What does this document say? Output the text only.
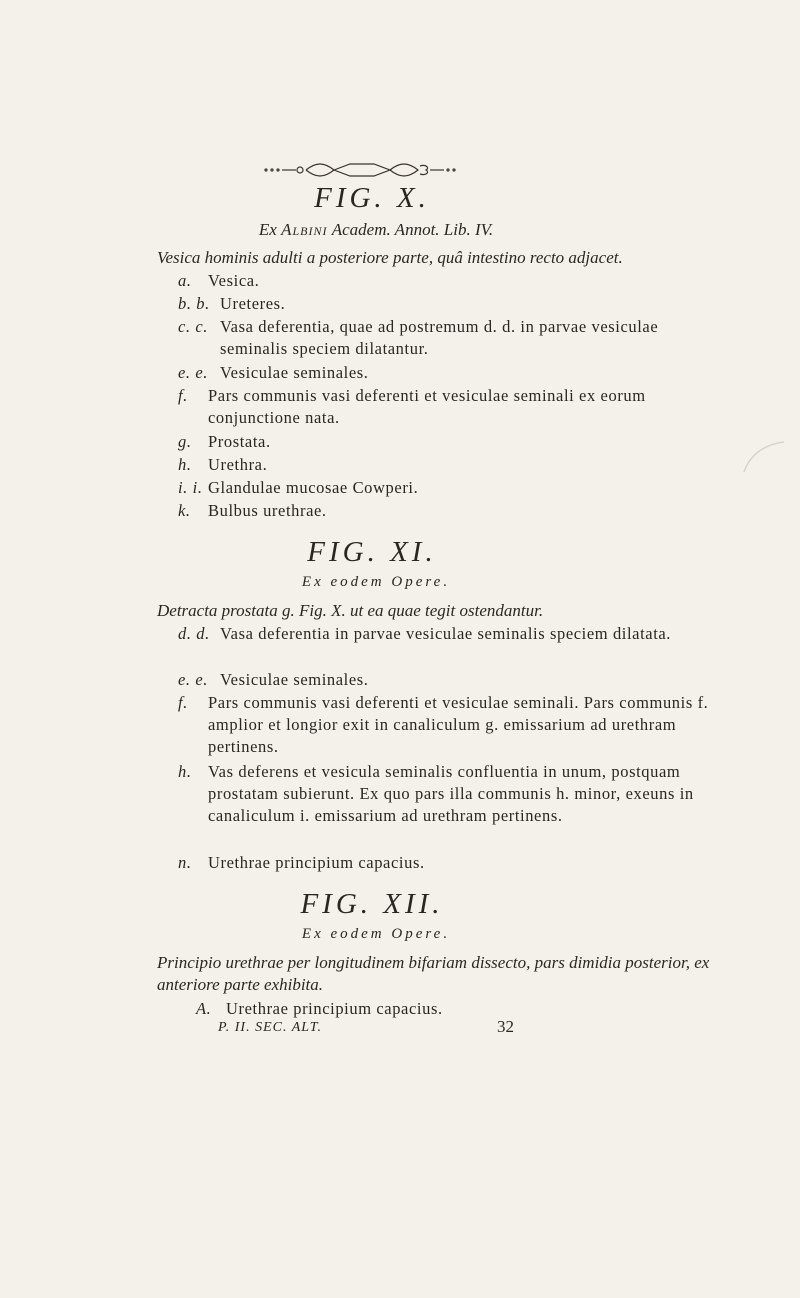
FIG. X.
Ex Albini Academ. Annot. Lib. IV.
Vesica hominis adulti a posteriore parte, quâ intestino recto adjacet.
a. Vesica.
b. b. Ureteres.
c. c. Vasa deferentia, quae ad postremum d. d. in parvae vesiculae seminalis speciem dilatantur.
e. e. Vesiculae seminales.
f.	Pars communis vasi deferenti et vesiculae seminali ex eorum conjunctione nata.
g. Prostata.
h. Urethra.
i. i. Glandulae mucosae Cowperi.
k.	Bulbus urethrae.
FIG. XI.
Ex eodem Opere.
Detracta prostata g. Fig. X. ut ea quae tegit ostendantur.
d. d. Vasa deferentia in parvae vesiculae seminalis speciem dilatata.
e. e. Vesiculae seminales.
f.	Pars communis vasi deferenti et vesiculae seminali. Pars communis f. amplior et longior exit in canaliculum g. emissarium ad urethram pertinens.
h. Vas deferens et vesicula seminalis confluentia in unum, postquam prostatam subierunt. Ex quo pars illa communis h. minor, exeuns in canaliculum i. emissarium ad urethram pertinens.
n. Urethrae principium capacius.
FIG. XII.
Ex eodem Opere.
Principio urethrae per longitudinem bifariam dissecto, pars dimidia posterior, ex anteriore parte exhibita.
A. Urethrae principium capacius.
P. II. SEC. ALT.	32
